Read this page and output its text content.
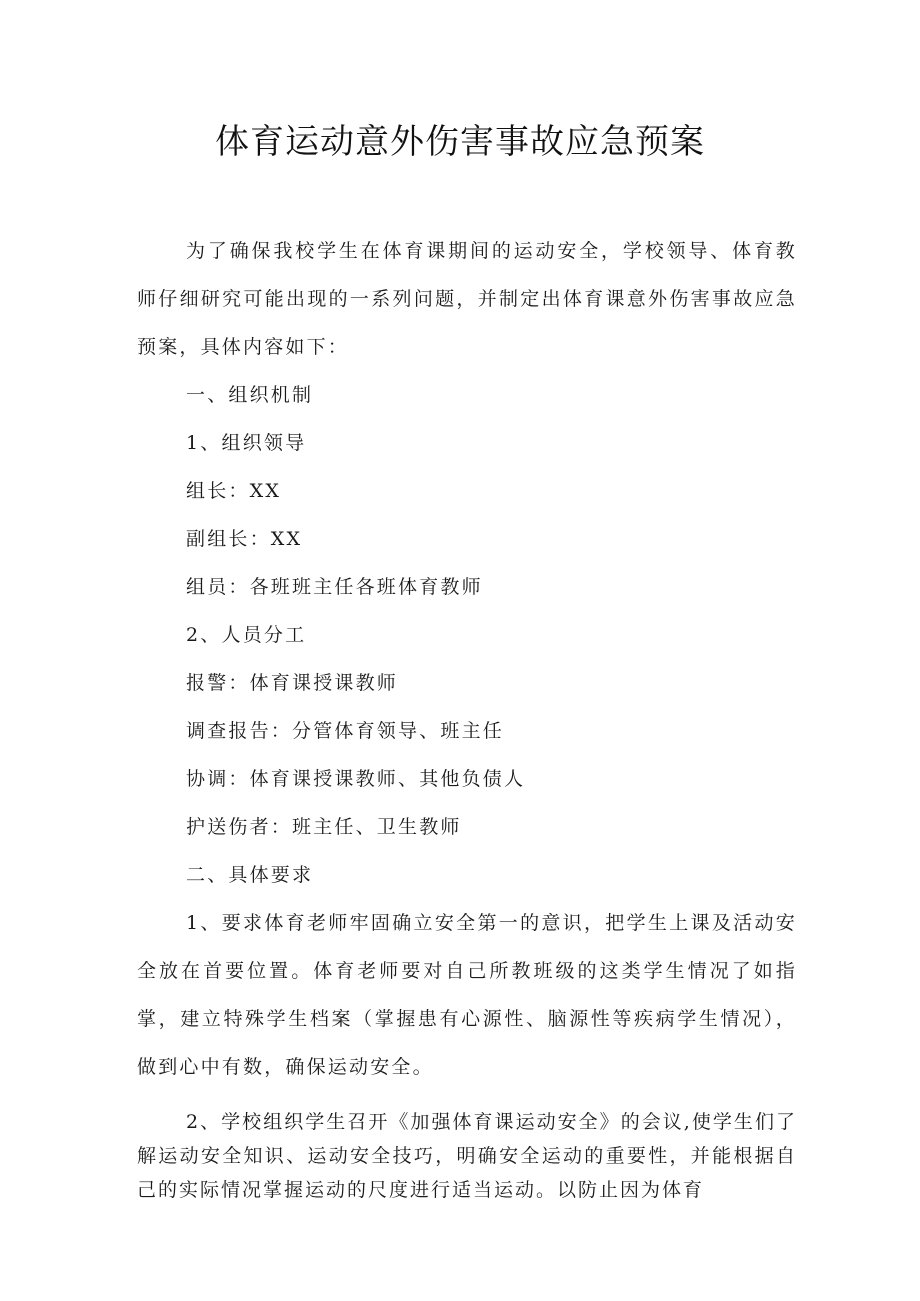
体育运动意外伤害事故应急预案

为了确保我校学生在体育课期间的运动安全，学校领导、体育教师仔细研究可能出现的一系列问题，并制定出体育课意外伤害事故应急预案，具体内容如下：

一、组织机制

1、组织领导

组长：XX

副组长：XX

组员：各班班主任各班体育教师

2、人员分工

报警：体育课授课教师

调查报告：分管体育领导、班主任

协调：体育课授课教师、其他负债人

护送伤者：班主任、卫生教师

二、具体要求

1、要求体育老师牢固确立安全第一的意识，把学生上课及活动安全放在首要位置。体育老师要对自己所教班级的这类学生情况了如指掌，建立特殊学生档案（掌握患有心源性、脑源性等疾病学生情况），做到心中有数，确保运动安全。

2、学校组织学生召开《加强体育课运动安全》的会议,使学生们了解运动安全知识、运动安全技巧，明确安全运动的重要性，并能根据自己的实际情况掌握运动的尺度进行适当运动。以防止因为体育
